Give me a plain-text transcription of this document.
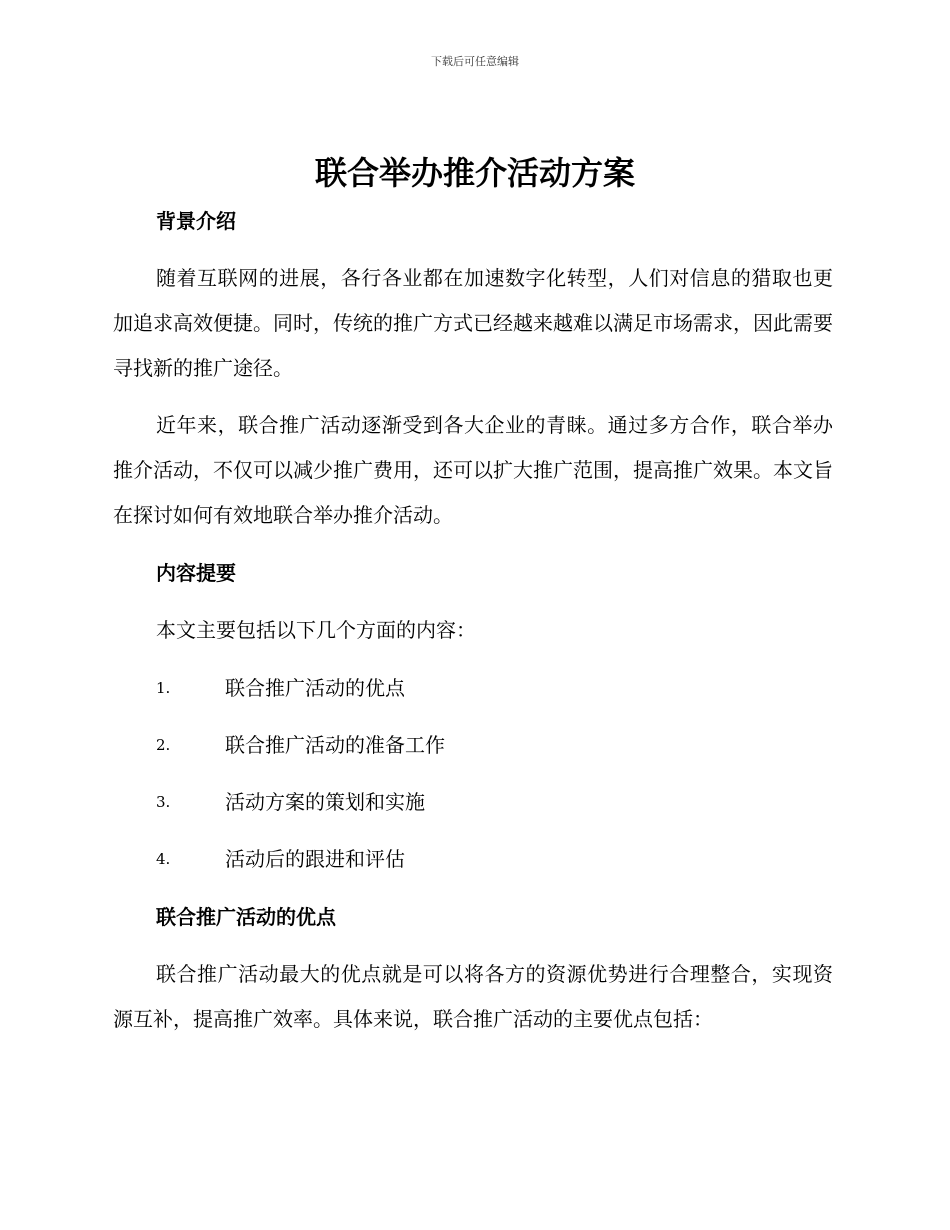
下载后可任意编辑
联合举办推介活动方案
背景介绍

随着互联网的进展，各行各业都在加速数字化转型，人们对信息的猎取也更加追求高效便捷。同时，传统的推广方式已经越来越难以满足市场需求，因此需要寻找新的推广途径。

近年来，联合推广活动逐渐受到各大企业的青睐。通过多方合作，联合举办推介活动，不仅可以减少推广费用，还可以扩大推广范围，提高推广效果。本文旨在探讨如何有效地联合举办推介活动。

内容提要

本文主要包括以下几个方面的内容：

1.	联合推广活动的优点
2.	联合推广活动的准备工作
3.	活动方案的策划和实施
4.	活动后的跟进和评估
联合推广活动的优点

联合推广活动最大的优点就是可以将各方的资源优势进行合理整合，实现资源互补，提高推广效率。具体来说，联合推广活动的主要优点包括：
